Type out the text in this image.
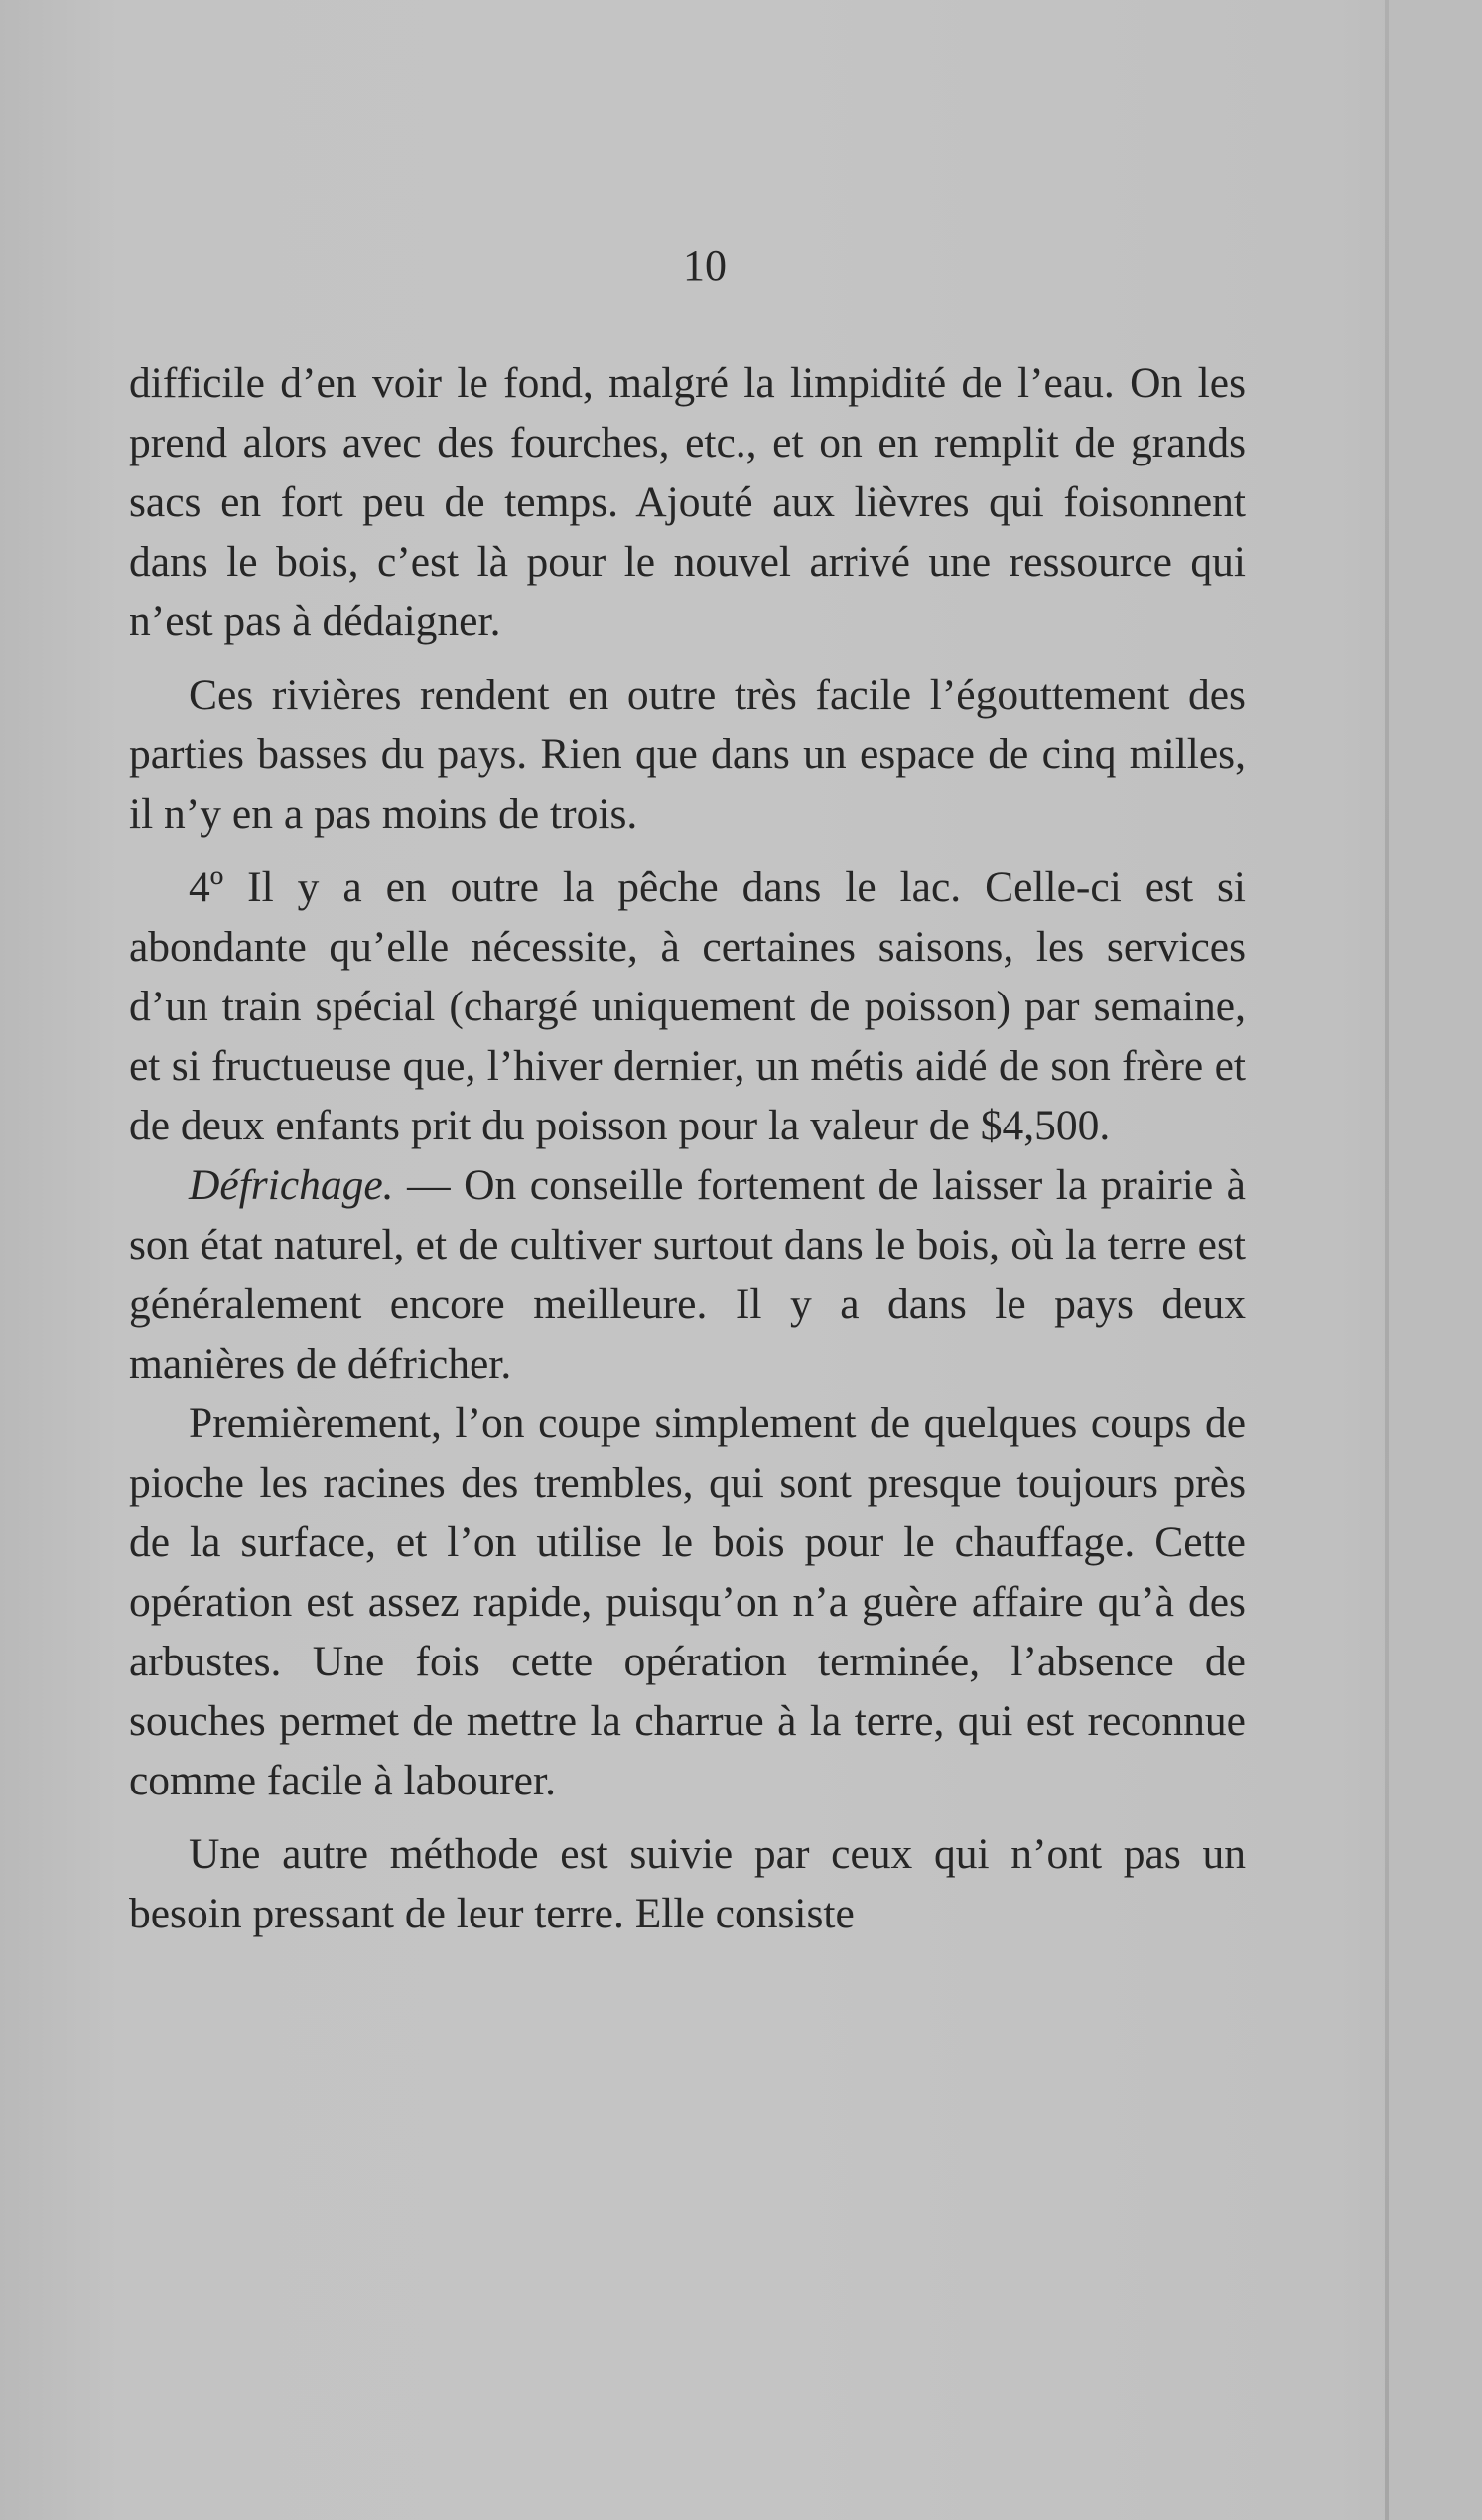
10

difficile d’en voir le fond, malgré la limpidité de l’eau. On les prend alors avec des fourches, etc., et on en remplit de grands sacs en fort peu de temps. Ajouté aux lièvres qui foisonnent dans le bois, c’est là pour le nouvel arrivé une ressource qui n’est pas à dédaigner.

Ces rivières rendent en outre très facile l’égouttement des parties basses du pays. Rien que dans un espace de cinq milles, il n’y en a pas moins de trois.

4º Il y a en outre la pêche dans le lac. Celle-ci est si abondante qu’elle nécessite, à certaines saisons, les services d’un train spécial (chargé uniquement de poisson) par semaine, et si fructueuse que, l’hiver dernier, un métis aidé de son frère et de deux enfants prit du poisson pour la valeur de $4,500.

Défrichage. — On conseille fortement de laisser la prairie à son état naturel, et de cultiver surtout dans le bois, où la terre est généralement encore meilleure. Il y a dans le pays deux manières de défricher.

Premièrement, l’on coupe simplement de quelques coups de pioche les racines des trembles, qui sont presque toujours près de la surface, et l’on utilise le bois pour le chauffage. Cette opération est assez rapide, puisqu’on n’a guère affaire qu’à des arbustes. Une fois cette opération terminée, l’absence de souches permet de mettre la charrue à la terre, qui est reconnue comme facile à labourer.

Une autre méthode est suivie par ceux qui n’ont pas un besoin pressant de leur terre. Elle consiste
